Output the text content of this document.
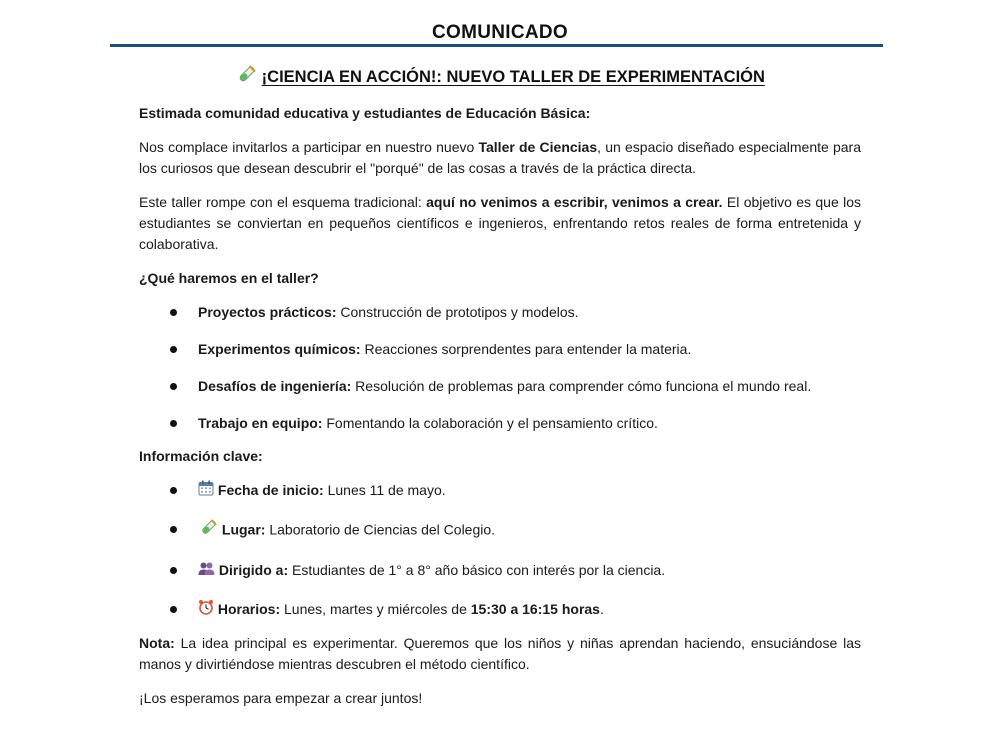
COMUNICADO
¡CIENCIA EN ACCIÓN!: NUEVO TALLER DE EXPERIMENTACIÓN

Estimada comunidad educativa y estudiantes de Educación Básica:

Nos complace invitarlos a participar en nuestro nuevo Taller de Ciencias, un espacio diseñado especialmente para los curiosos que desean descubrir el "porqué" de las cosas a través de la práctica directa.

Este taller rompe con el esquema tradicional: aquí no venimos a escribir, venimos a crear. El objetivo es que los estudiantes se conviertan en pequeños científicos e ingenieros, enfrentando retos reales de forma entretenida y colaborativa.

¿Qué haremos en el taller?

Proyectos prácticos: Construcción de prototipos y modelos.
Experimentos químicos: Reacciones sorprendentes para entender la materia.
Desafíos de ingeniería: Resolución de problemas para comprender cómo funciona el mundo real.
Trabajo en equipo: Fomentando la colaboración y el pensamiento crítico.

Información clave:

Fecha de inicio: Lunes 11 de mayo.
Lugar: Laboratorio de Ciencias del Colegio.
Dirigido a: Estudiantes de 1° a 8° año básico con interés por la ciencia.
Horarios: Lunes, martes y miércoles de 15:30 a 16:15 horas.

Nota: La idea principal es experimentar. Queremos que los niños y niñas aprendan haciendo, ensuciándose las manos y divirtiéndose mientras descubren el método científico.

¡Los esperamos para empezar a crear juntos!
